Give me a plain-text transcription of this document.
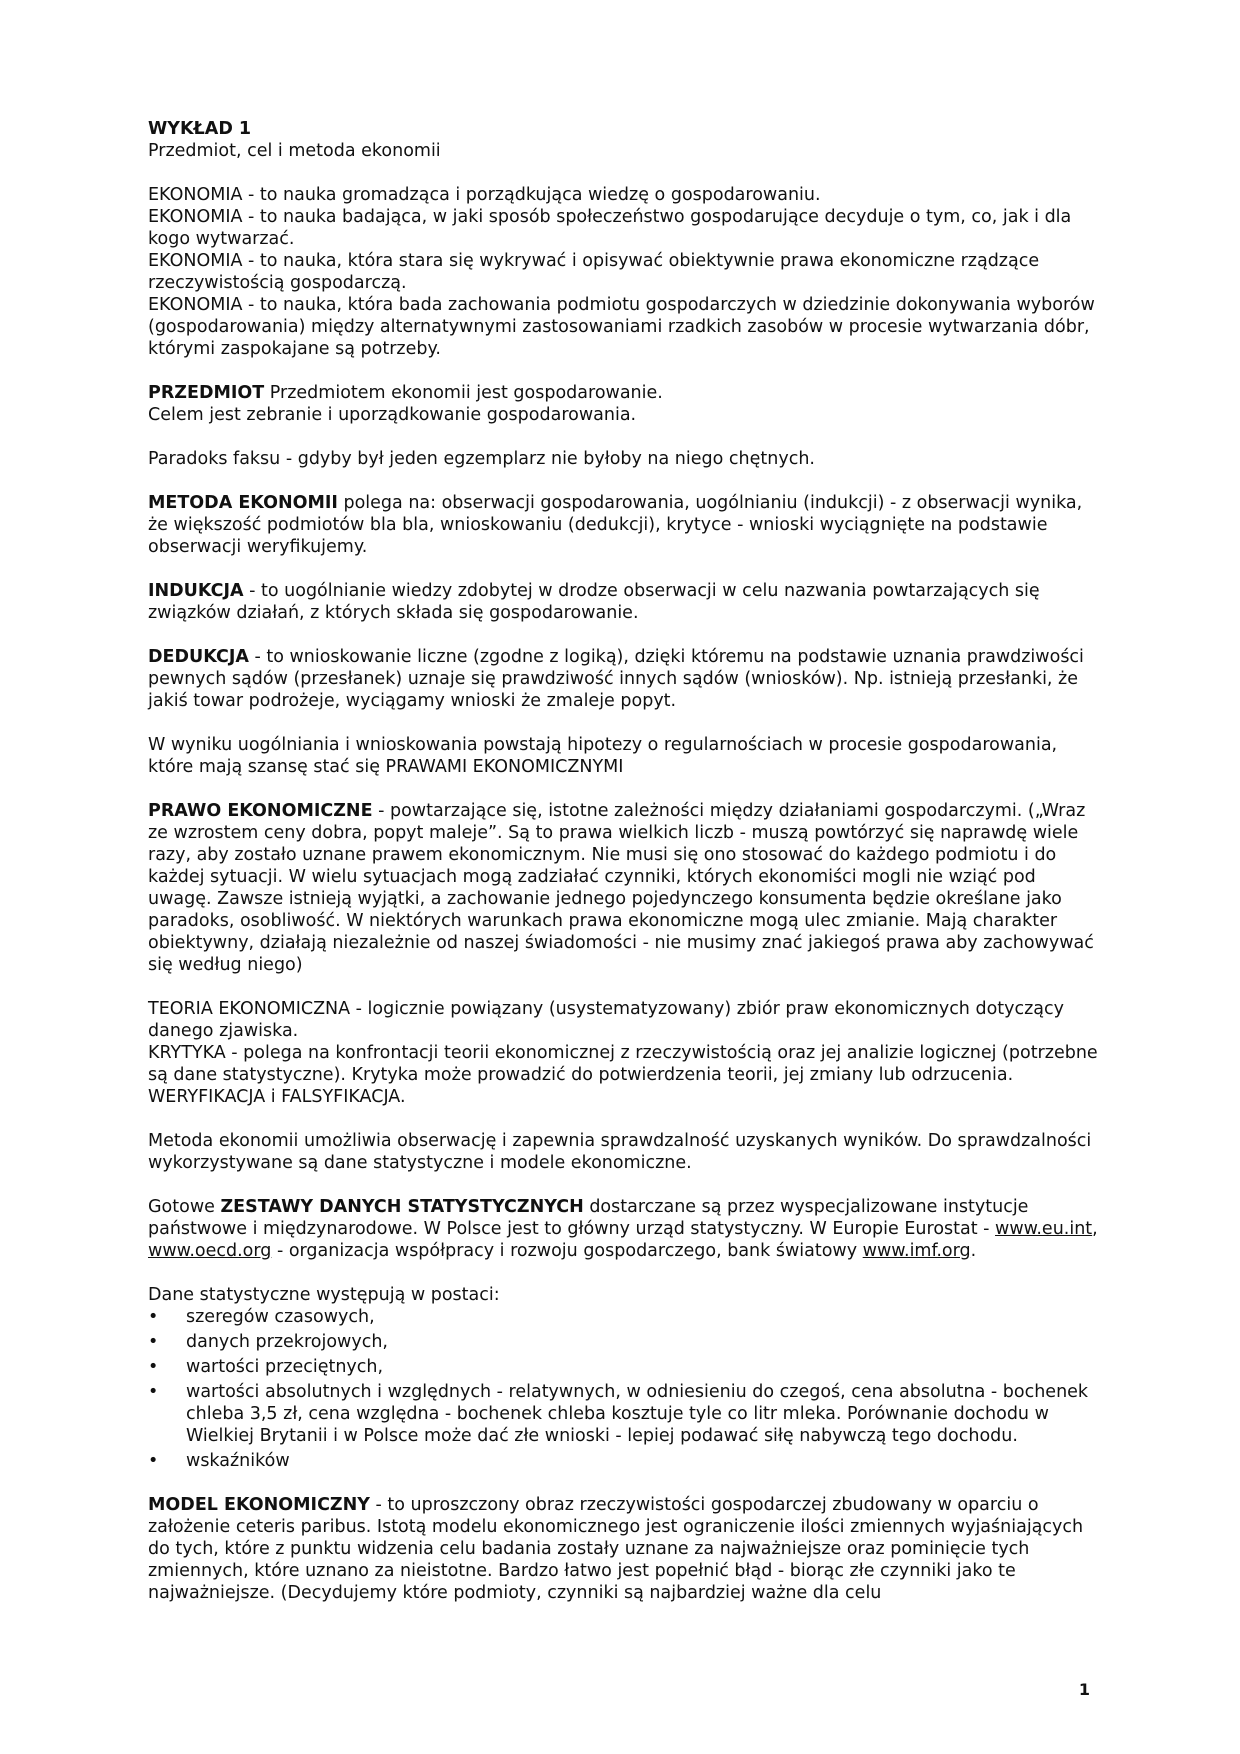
WYKŁAD 1

Przedmiot, cel i metoda ekonomii

EKONOMIA - to nauka gromadząca i porządkująca wiedzę o gospodarowaniu.
EKONOMIA - to nauka badająca, w jaki sposób społeczeństwo gospodarujące decyduje o tym, co, jak i dla kogo wytwarzać.
EKONOMIA - to nauka, która stara się wykrywać i opisywać obiektywnie prawa ekonomiczne rządzące rzeczywistością gospodarczą.
EKONOMIA - to nauka, która bada zachowania podmiotu gospodarczych w dziedzinie dokonywania wyborów (gospodarowania) między alternatywnymi zastosowaniami rzadkich zasobów w procesie wytwarzania dóbr, którymi zaspokajane są potrzeby.

PRZEDMIOT Przedmiotem ekonomii jest gospodarowanie.
Celem jest zebranie i uporządkowanie gospodarowania.

Paradoks faksu - gdyby był jeden egzemplarz nie byłoby na niego chętnych.

METODA EKONOMII polega na: obserwacji gospodarowania, uogólnianiu (indukcji) - z obserwacji wynika, że większość podmiotów bla bla, wnioskowaniu (dedukcji), krytyce - wnioski wyciągnięte na podstawie obserwacji weryfikujemy.

INDUKCJA - to uogólnianie wiedzy zdobytej w drodze obserwacji w celu nazwania powtarzających się związków działań, z których składa się gospodarowanie.

DEDUKCJA - to wnioskowanie liczne (zgodne z logiką), dzięki któremu na podstawie uznania prawdziwości pewnych sądów (przesłanek) uznaje się prawdziwość innych sądów (wniosków). Np. istnieją przesłanki, że jakiś towar podrożeje, wyciągamy wnioski że zmaleje popyt.

W wyniku uogólniania i wnioskowania powstają hipotezy o regularnościach w procesie gospodarowania, które mają szansę stać się PRAWAMI EKONOMICZNYMI

PRAWO EKONOMICZNE - powtarzające się, istotne zależności między działaniami gospodarczymi. („Wraz ze wzrostem ceny dobra, popyt maleje”. Są to prawa wielkich liczb - muszą powtórzyć się naprawdę wiele razy, aby zostało uznane prawem ekonomicznym. Nie musi się ono stosować do każdego podmiotu i do każdej sytuacji. W wielu sytuacjach mogą zadziałać czynniki, których ekonomiści mogli nie wziąć pod uwagę. Zawsze istnieją wyjątki, a zachowanie jednego pojedynczego konsumenta będzie określane jako paradoks, osobliwość. W niektórych warunkach prawa ekonomiczne mogą ulec zmianie. Mają charakter obiektywny, działają niezależnie od naszej świadomości - nie musimy znać jakiegoś prawa aby zachowywać się według niego)

TEORIA EKONOMICZNA - logicznie powiązany (usystematyzowany) zbiór praw ekonomicznych dotyczący danego zjawiska.
KRYTYKA - polega na konfrontacji teorii ekonomicznej z rzeczywistością oraz jej analizie logicznej (potrzebne są dane statystyczne). Krytyka może prowadzić do potwierdzenia teorii, jej zmiany lub odrzucenia. WERYFIKACJA i FALSYFIKACJA.

Metoda ekonomii umożliwia obserwację i zapewnia sprawdzalność uzyskanych wyników. Do sprawdzalności wykorzystywane są dane statystyczne i modele ekonomiczne.

Gotowe ZESTAWY DANYCH STATYSTYCZNYCH dostarczane są przez wyspecjalizowane instytucje państwowe i międzynarodowe. W Polsce jest to główny urząd statystyczny. W Europie Eurostat - www.eu.int, www.oecd.org - organizacja współpracy i rozwoju gospodarczego, bank światowy www.imf.org.

Dane statystyczne występują w postaci:

• szeregów czasowych,
• danych przekrojowych,
• wartości przeciętnych,
• wartości absolutnych i względnych - relatywnych, w odniesieniu do czegoś, cena absolutna - bochenek chleba 3,5 zł, cena względna - bochenek chleba kosztuje tyle co litr mleka. Porównanie dochodu w Wielkiej Brytanii i w Polsce może dać złe wnioski - lepiej podawać siłę nabywczą tego dochodu.
• wskaźników

MODEL EKONOMICZNY - to uproszczony obraz rzeczywistości gospodarczej zbudowany w oparciu o założenie ceteris paribus. Istotą modelu ekonomicznego jest ograniczenie ilości zmiennych wyjaśniających do tych, które z punktu widzenia celu badania zostały uznane za najważniejsze oraz pominięcie tych zmiennych, które uznano za nieistotne. Bardzo łatwo jest popełnić błąd - biorąc złe czynniki jako te najważniejsze. (Decydujemy które podmioty, czynniki są najbardziej ważne dla celu

1
